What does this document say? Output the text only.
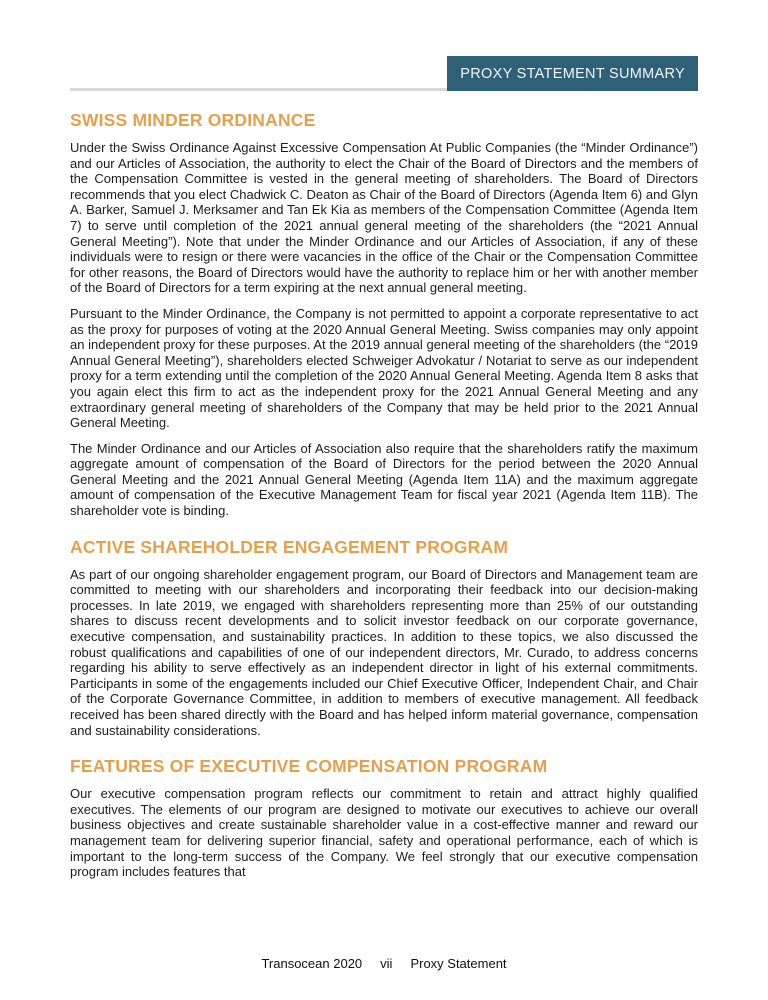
PROXY STATEMENT SUMMARY
SWISS MINDER ORDINANCE

Under the Swiss Ordinance Against Excessive Compensation At Public Companies (the “Minder Ordinance”) and our Articles of Association, the authority to elect the Chair of the Board of Directors and the members of the Compensation Committee is vested in the general meeting of shareholders. The Board of Directors recommends that you elect Chadwick C. Deaton as Chair of the Board of Directors (Agenda Item 6) and Glyn A. Barker, Samuel J. Merksamer and Tan Ek Kia as members of the Compensation Committee (Agenda Item 7) to serve until completion of the 2021 annual general meeting of the shareholders (the “2021 Annual General Meeting”). Note that under the Minder Ordinance and our Articles of Association, if any of these individuals were to resign or there were vacancies in the office of the Chair or the Compensation Committee for other reasons, the Board of Directors would have the authority to replace him or her with another member of the Board of Directors for a term expiring at the next annual general meeting.

Pursuant to the Minder Ordinance, the Company is not permitted to appoint a corporate representative to act as the proxy for purposes of voting at the 2020 Annual General Meeting. Swiss companies may only appoint an independent proxy for these purposes. At the 2019 annual general meeting of the shareholders (the “2019 Annual General Meeting”), shareholders elected Schweiger Advokatur / Notariat to serve as our independent proxy for a term extending until the completion of the 2020 Annual General Meeting. Agenda Item 8 asks that you again elect this firm to act as the independent proxy for the 2021 Annual General Meeting and any extraordinary general meeting of shareholders of the Company that may be held prior to the 2021 Annual General Meeting.

The Minder Ordinance and our Articles of Association also require that the shareholders ratify the maximum aggregate amount of compensation of the Board of Directors for the period between the 2020 Annual General Meeting and the 2021 Annual General Meeting (Agenda Item 11A) and the maximum aggregate amount of compensation of the Executive Management Team for fiscal year 2021 (Agenda Item 11B). The shareholder vote is binding.

ACTIVE SHAREHOLDER ENGAGEMENT PROGRAM

As part of our ongoing shareholder engagement program, our Board of Directors and Management team are committed to meeting with our shareholders and incorporating their feedback into our decision-making processes. In late 2019, we engaged with shareholders representing more than 25% of our outstanding shares to discuss recent developments and to solicit investor feedback on our corporate governance, executive compensation, and sustainability practices. In addition to these topics, we also discussed the robust qualifications and capabilities of one of our independent directors, Mr. Curado, to address concerns regarding his ability to serve effectively as an independent director in light of his external commitments. Participants in some of the engagements included our Chief Executive Officer, Independent Chair, and Chair of the Corporate Governance Committee, in addition to members of executive management. All feedback received has been shared directly with the Board and has helped inform material governance, compensation and sustainability considerations.

FEATURES OF EXECUTIVE COMPENSATION PROGRAM

Our executive compensation program reflects our commitment to retain and attract highly qualified executives. The elements of our program are designed to motivate our executives to achieve our overall business objectives and create sustainable shareholder value in a cost-effective manner and reward our management team for delivering superior financial, safety and operational performance, each of which is important to the long-term success of the Company. We feel strongly that our executive compensation program includes features that

Transocean 2020 vii Proxy Statement
